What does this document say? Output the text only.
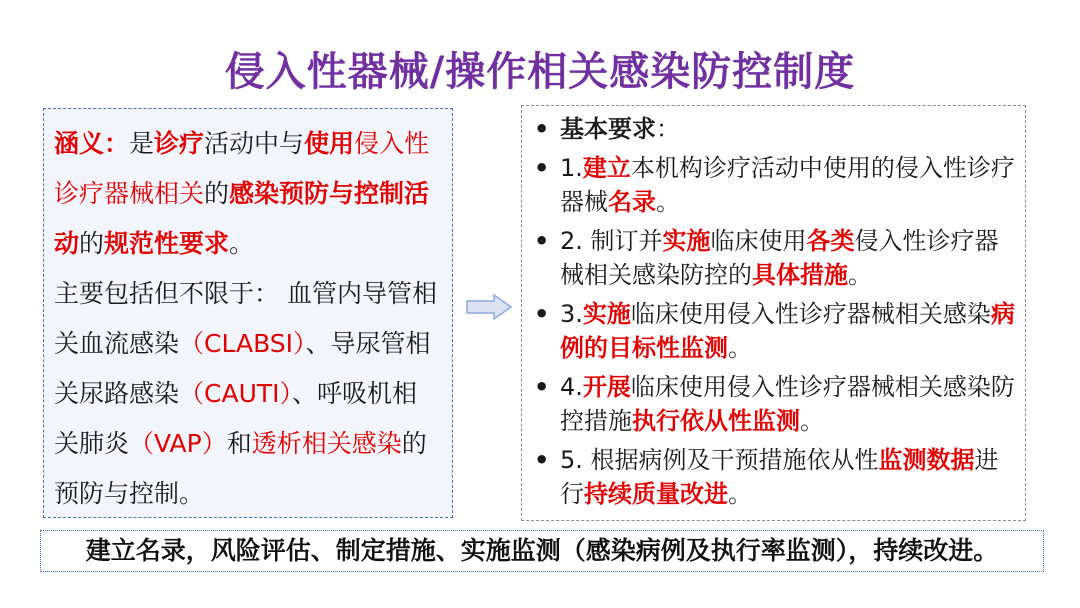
侵入性器械/操作相关感染防控制度

涵义：是诊疗活动中与使用侵入性诊疗器械相关的感染预防与控制活动的规范性要求。

主要包括但不限于： 血管内导管相关血流感染（CLABSI）、导尿管相关尿路感染（CAUTI）、呼吸机相关肺炎（VAP）和透析相关感染的预防与控制。

• 基本要求：
• 1.建立本机构诊疗活动中使用的侵入性诊疗器械名录。
• 2. 制订并实施临床使用各类侵入性诊疗器械相关感染防控的具体措施。
• 3.实施临床使用侵入性诊疗器械相关感染病例的目标性监测。
• 4.开展临床使用侵入性诊疗器械相关感染防控措施执行依从性监测。
• 5. 根据病例及干预措施依从性监测数据进行持续质量改进。
建立名录，风险评估、制定措施、实施监测（感染病例及执行率监测），持续改进。
